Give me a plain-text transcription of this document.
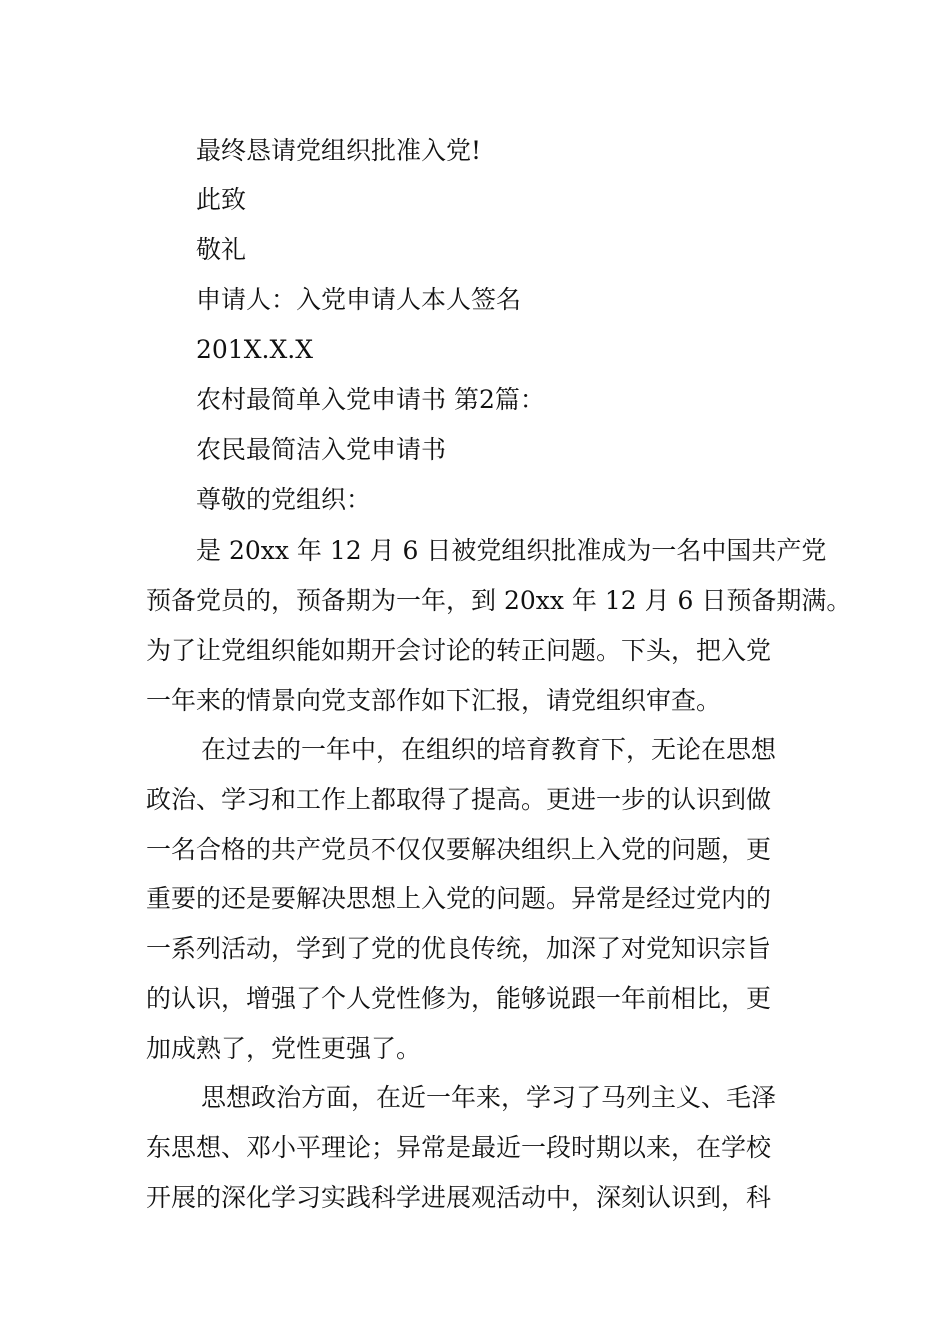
最终恳请党组织批准入党!

此致

敬礼

申请人：入党申请人本人签名

201X.X.X

农村最简单入党申请书 第2篇：

农民最简洁入党申请书

尊敬的党组织：

是 20xx 年 12 月 6 日被党组织批准成为一名中国共产党

预备党员的，预备期为一年，到 20xx 年 12 月 6 日预备期满。

为了让党组织能如期开会讨论的转正问题。下头，把入党

一年来的情景向党支部作如下汇报，请党组织审查。

在过去的一年中，在组织的培育教育下，无论在思想

政治、学习和工作上都取得了提高。更进一步的认识到做

一名合格的共产党员不仅仅要解决组织上入党的问题，更

重要的还是要解决思想上入党的问题。异常是经过党内的

一系列活动，学到了党的优良传统，加深了对党知识宗旨

的认识，增强了个人党性修为，能够说跟一年前相比，更

加成熟了，党性更强了。

思想政治方面，在近一年来，学习了马列主义、毛泽

东思想、邓小平理论；异常是最近一段时期以来，在学校

开展的深化学习实践科学进展观活动中，深刻认识到，科
